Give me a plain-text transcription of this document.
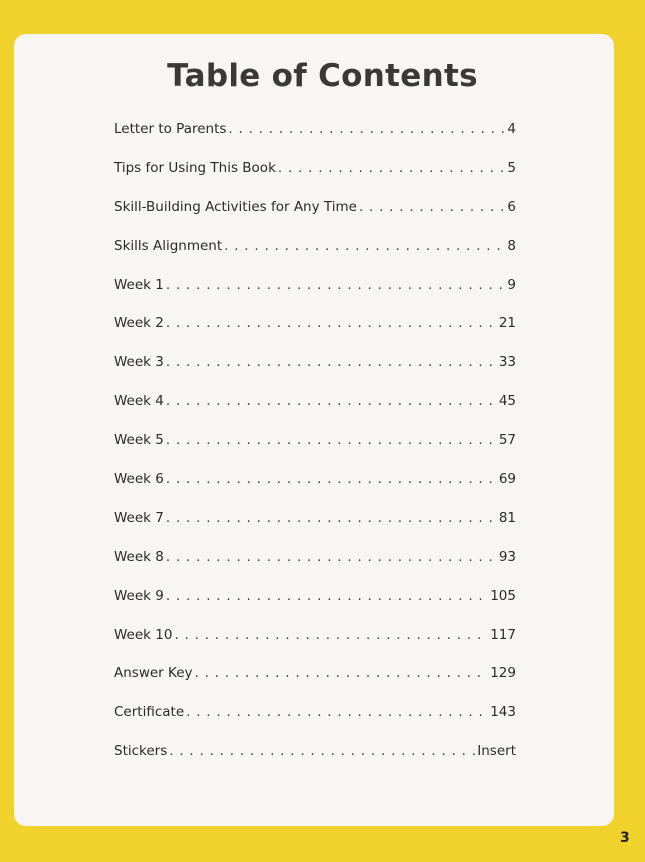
Table of Contents
Letter to Parents . . .	4
Tips for Using This Book . . .	5
Skill-Building Activities for Any Time . . .	6
Skills Alignment . . .	8
Week 1 . . .	9
Week 2 . . .	21
Week 3 . . .	33
Week 4 . . .	45
Week 5 . . .	57
Week 6 . . .	69
Week 7 . . .	81
Week 8 . . .	93
Week 9 . . .	105
Week 10 . . .	117
Answer Key . . .	129
Certificate . . .	143
Stickers . . .	Insert
3
